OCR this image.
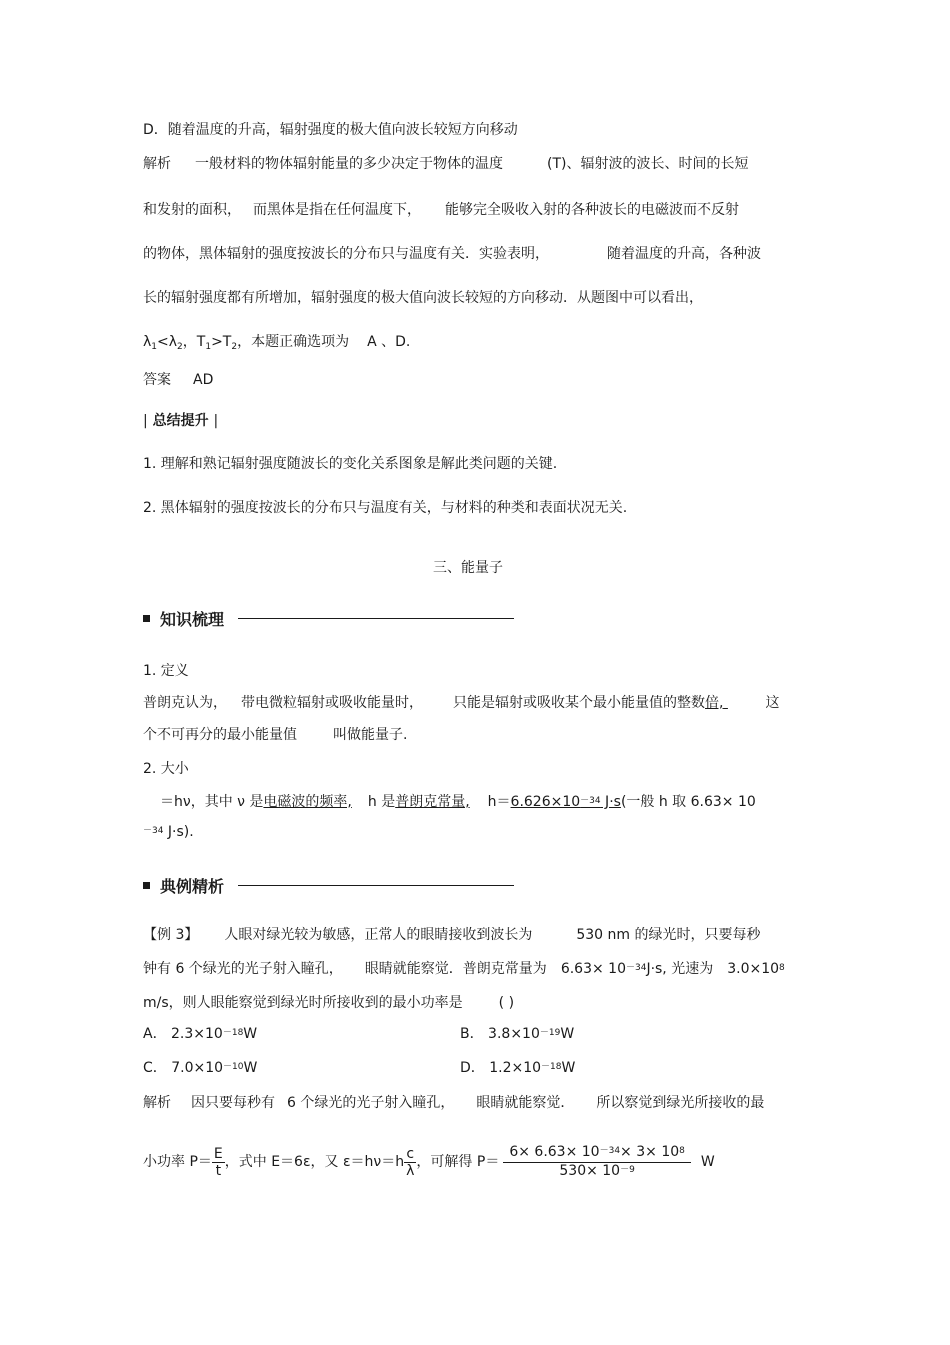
D．随着温度的升高，辐射强度的极大值向波长较短方向移动
解析 一般材料的物体辐射能量的多少决定于物体的温度	(T)、辐射波的波长、时间的长短
和发射的面积， 而黑体是指在任何温度下， 能够完全吸收入射的各种波长的电磁波而不反射
的物体，黑体辐射的强度按波长的分布只与温度有关．实验表明，	随着温度的升高，各种波
长的辐射强度都有所增加，辐射强度的极大值向波长较短的方向移动．从题图中可以看出，
$\lambda_1<\lambda_2$，$T_1>T_2$，本题正确选项为 A 、D.
答案 AD
| 总结提升 |
1. 理解和熟记辐射强度随波长的变化关系图象是解此类问题的关键.
2. 黑体辐射的强度按波长的分布只与温度有关，与材料的种类和表面状况无关.
三、能量子
知识梳理
1. 定义
普朗克认为， 带电微粒辐射或吸收能量时， 只能是辐射或吸收某个最小能量值的整数倍,	这
个不可再分的最小能量值	叫做能量子.
2. 大小
＝hν，其中 ν 是电磁波的频率, h 是普朗克常量, $h=6.626\times 10^{-34}$ J·s(一般 h 取 6.63× 10
$^{-34}$ J·s).
典例精析
【例 3】 人眼对绿光较为敏感，正常人的眼睛接收到波长为	530 nm 的绿光时，只要每秒
钟有 6 个绿光的光子射入瞳孔， 眼睛就能察觉．普朗克常量为 $6.63\times 10^{-34}J\cdot s$, 光速为 $3.0\times 10^8$
m/s，则人眼能察觉到绿光时所接收到的最小功率是	( )
A． $2.3\times 10^{-18}W$	B． $3.8\times 10^{-19}W$
C． $7.0\times 10^{-10}W$	D． $1.2\times 10^{-18}W$
解析 因只要每秒有 6 个绿光的光子射入瞳孔， 眼睛就能察觉． 所以察觉到绿光所接收的最
小功率 $P= \frac{E}{t}$ ，式中 E＝6ε，又 $\varepsilon=h\nu=h \frac{c}{\lambda}$ ，可解得 $P= \frac{6\times 6.63\times 10^{-34}\times 3\times 10^8}{530\times 10^{-9}}$ W
